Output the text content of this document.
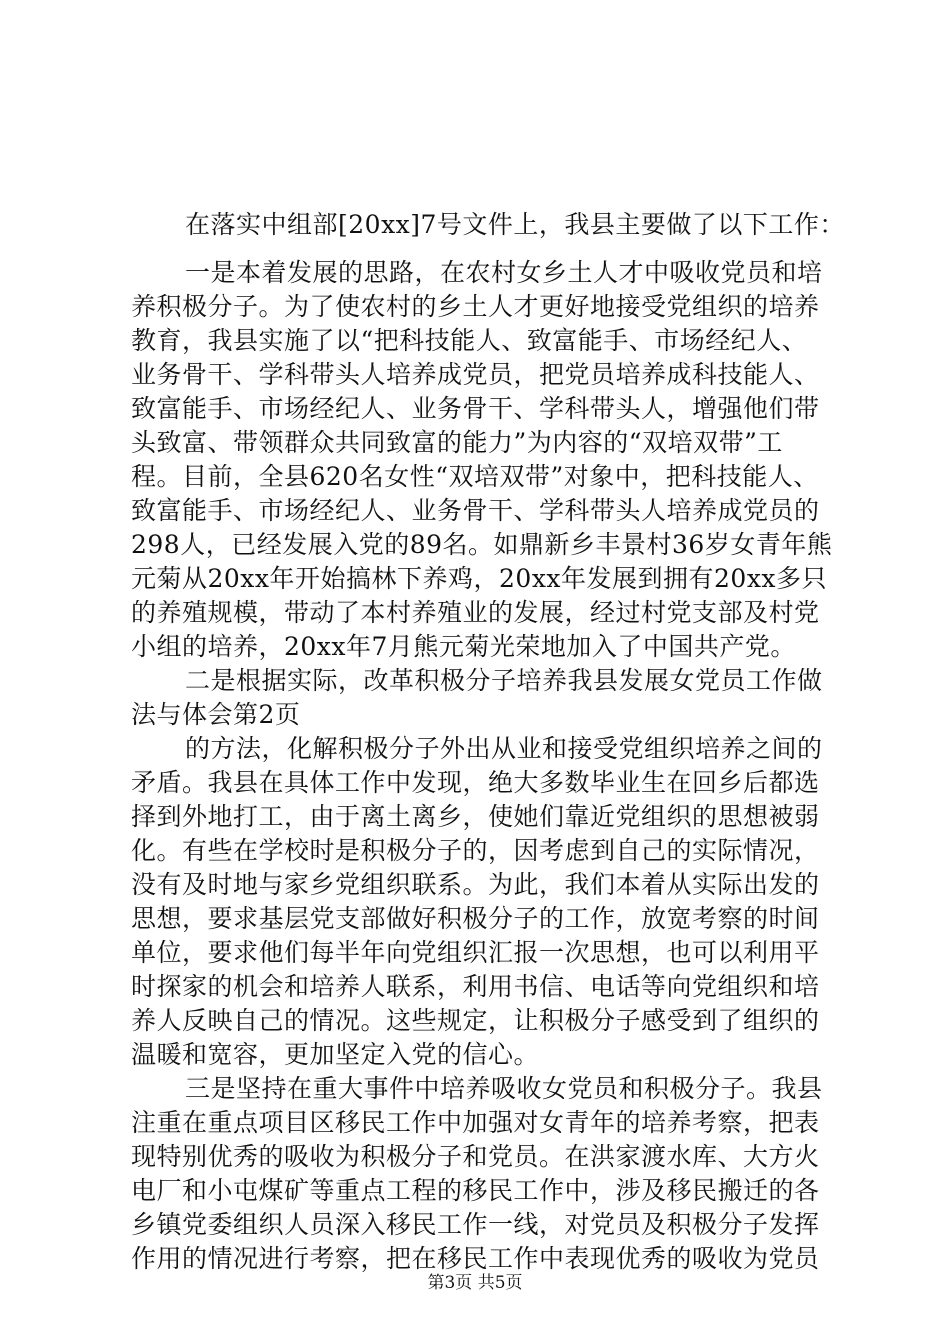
在落实中组部[20xx]7号文件上，我县主要做了以下工作：
一是本着发展的思路，在农村女乡土人才中吸收党员和培
养积极分子。为了使农村的乡土人才更好地接受党组织的培养
教育，我县实施了以“把科技能人、致富能手、市场经纪人、
业务骨干、学科带头人培养成党员，把党员培养成科技能人、
致富能手、市场经纪人、业务骨干、学科带头人，增强他们带
头致富、带领群众共同致富的能力”为内容的“双培双带”工
程。目前，全县620名女性“双培双带”对象中，把科技能人、
致富能手、市场经纪人、业务骨干、学科带头人培养成党员的
298人，已经发展入党的89名。如鼎新乡丰景村36岁女青年熊
元菊从20xx年开始搞林下养鸡，20xx年发展到拥有20xx多只
的养殖规模，带动了本村养殖业的发展，经过村党支部及村党
小组的培养，20xx年7月熊元菊光荣地加入了中国共产党。
二是根据实际，改革积极分子培养我县发展女党员工作做
法与体会第2页
的方法，化解积极分子外出从业和接受党组织培养之间的
矛盾。我县在具体工作中发现，绝大多数毕业生在回乡后都选
择到外地打工，由于离土离乡，使她们靠近党组织的思想被弱
化。有些在学校时是积极分子的，因考虑到自己的实际情况，
没有及时地与家乡党组织联系。为此，我们本着从实际出发的
思想，要求基层党支部做好积极分子的工作，放宽考察的时间
单位，要求他们每半年向党组织汇报一次思想，也可以利用平
时探家的机会和培养人联系，利用书信、电话等向党组织和培
养人反映自己的情况。这些规定，让积极分子感受到了组织的
温暖和宽容，更加坚定入党的信心。
三是坚持在重大事件中培养吸收女党员和积极分子。我县
注重在重点项目区移民工作中加强对女青年的培养考察，把表
现特别优秀的吸收为积极分子和党员。在洪家渡水库、大方火
电厂和小屯煤矿等重点工程的移民工作中，涉及移民搬迁的各
乡镇党委组织人员深入移民工作一线，对党员及积极分子发挥
作用的情况进行考察，把在移民工作中表现优秀的吸收为党员
第3页 共5页
